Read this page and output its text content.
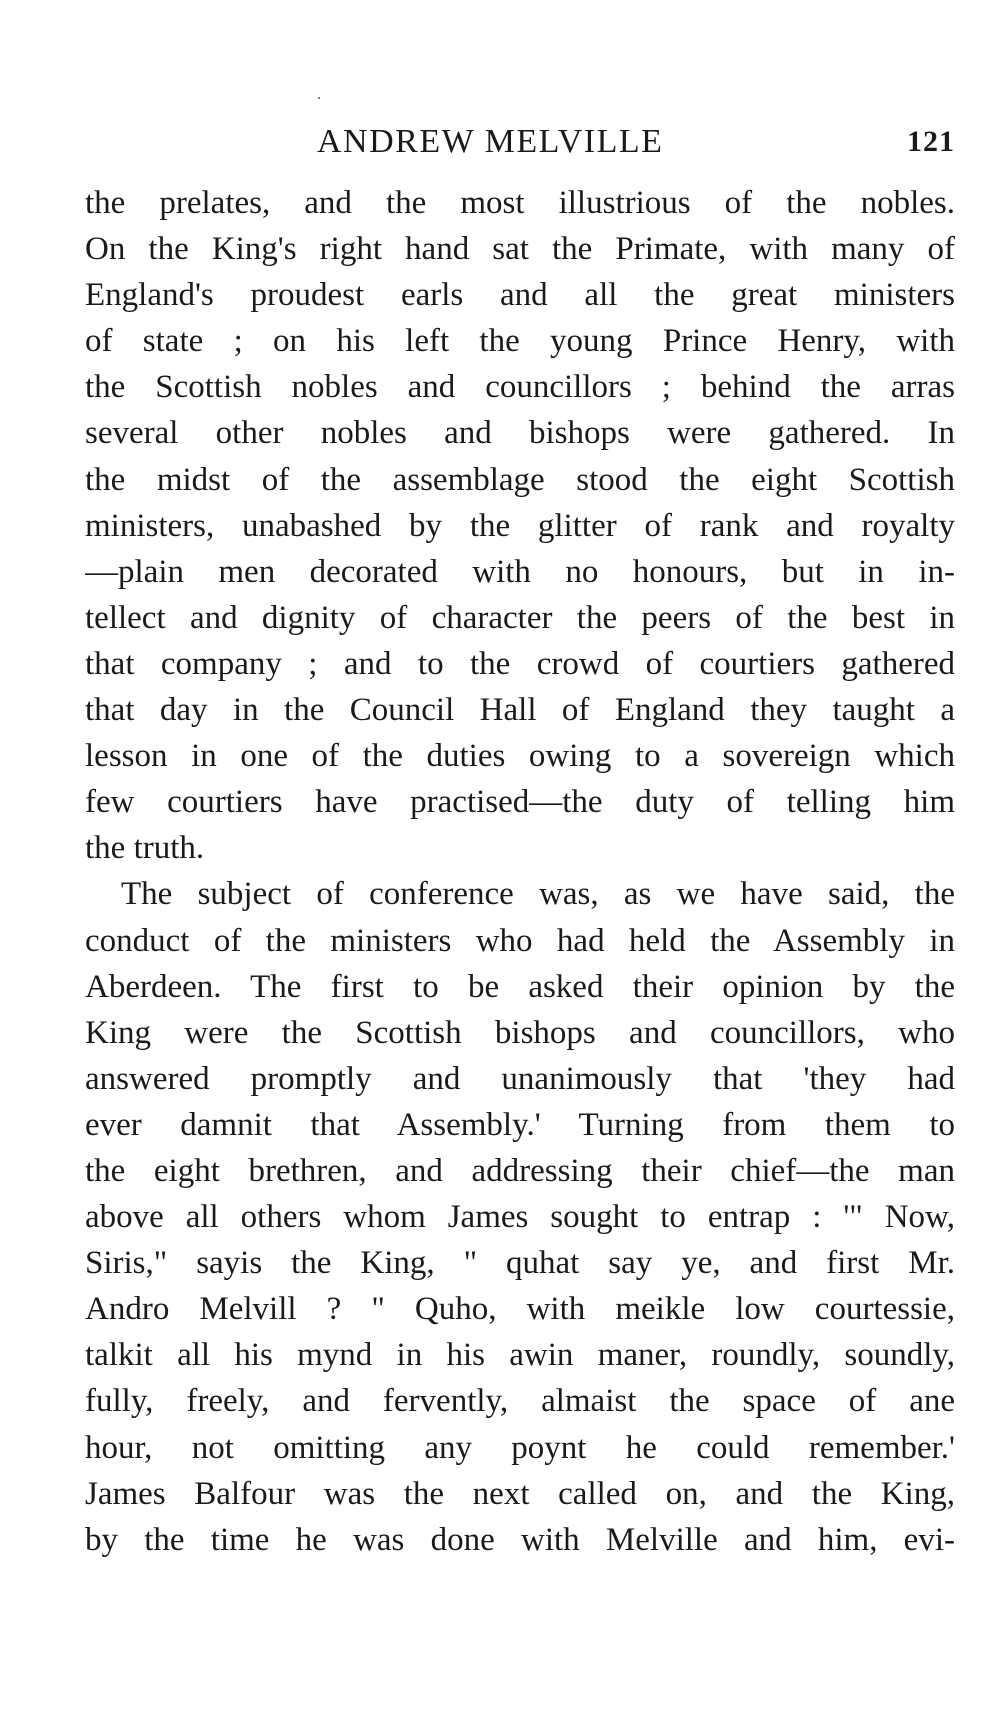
ANDREW MELVILLE	121
the prelates, and the most illustrious of the nobles.
On the King's right hand sat the Primate, with many of
England's proudest earls and all the great ministers
of state ; on his left the young Prince Henry, with
the Scottish nobles and councillors ; behind the arras
several other nobles and bishops were gathered. In
the midst of the assemblage stood the eight Scottish
ministers, unabashed by the glitter of rank and royalty
—plain men decorated with no honours, but in in-
tellect and dignity of character the peers of the best in
that company ; and to the crowd of courtiers gathered
that day in the Council Hall of England they taught a
lesson in one of the duties owing to a sovereign which
few courtiers have practised—the duty of telling him
the truth.
The subject of conference was, as we have said, the
conduct of the ministers who had held the Assembly in
Aberdeen. The first to be asked their opinion by the
King were the Scottish bishops and councillors, who
answered promptly and unanimously that 'they had
ever damnit that Assembly.' Turning from them to
the eight brethren, and addressing their chief—the man
above all others whom James sought to entrap : '" Now,
Siris," sayis the King, " quhat say ye, and first Mr.
Andro Melvill ? " Quho, with meikle low courtessie,
talkit all his mynd in his awin maner, roundly, soundly,
fully, freely, and fervently, almaist the space of ane
hour, not omitting any poynt he could remember.'
James Balfour was the next called on, and the King,
by the time he was done with Melville and him, evi-
